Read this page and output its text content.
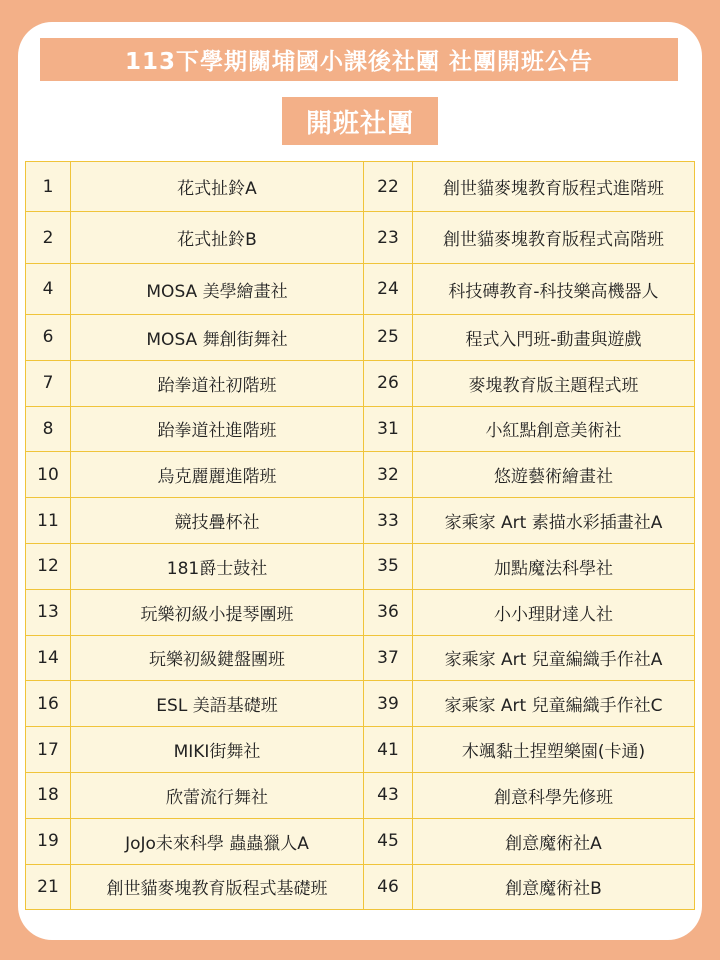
113下學期關埔國小課後社團 社團開班公告
開班社團
1	花式扯鈴A	22	創世貓麥塊教育版程式進階班
2	花式扯鈴B	23	創世貓麥塊教育版程式高階班
4	MOSA 美學繪畫社	24	科技磚教育-科技樂高機器人
6	MOSA 舞創街舞社	25	程式入門班-動畫與遊戲
7	跆拳道社初階班	26	麥塊教育版主題程式班
8	跆拳道社進階班	31	小紅點創意美術社
10	烏克麗麗進階班	32	悠遊藝術繪畫社
11	競技疊杯社	33	家乘家 Art 素描水彩插畫社A
12	181爵士鼓社	35	加點魔法科學社
13	玩樂初級小提琴團班	36	小小理財達人社
14	玩樂初級鍵盤團班	37	家乘家 Art 兒童編織手作社A
16	ESL 美語基礎班	39	家乘家 Art 兒童編織手作社C
17	MIKI街舞社	41	木颯黏土捏塑樂園(卡通)
18	欣蕾流行舞社	43	創意科學先修班
19	JoJo未來科學 蟲蟲獵人A	45	創意魔術社A
21	創世貓麥塊教育版程式基礎班	46	創意魔術社B
